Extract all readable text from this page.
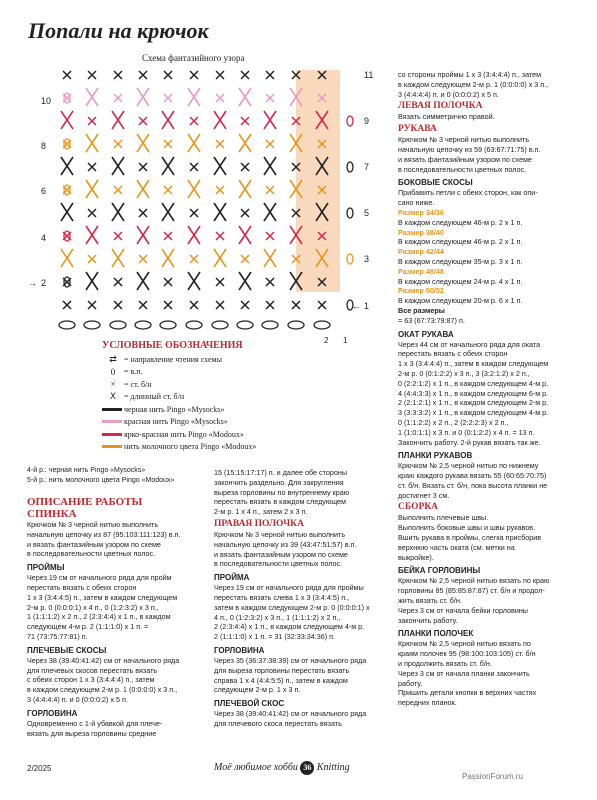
Попали на крючок
Схема фантазийного узора
10
8
6
4
2
11
9
7
5
3
1
←
→
2 1
УСЛОВНЫЕ ОБОЗНАЧЕНИЯ
⇄ = направление чтения схемы
0	= в.п.
×	= ст. б/н
Ⅹ = длинный ст. б/н
черная нить Pingo «Mysocks»
красная нить Pingo «Mysocks»
ярко-красная нить Pingo «Modoux»
нить молочного цвета Pingo «Modoux»
4-й р.: черная нить Pingo «Mysocks»
5-й р.: нить молочного цвета Pingo «Modoux»
ОПИСАНИЕ РАБОТЫ
СПИНКА
Крючком № 3 черной нитью выполнить
начальную цепочку из 87 (95:103:111:123) в.п.
и вязать фантазийным узором по схеме
в последовательности цветных полос.
ПРОЙМЫ
Через 19 см от начального ряда для пройм
перестать вязать с обеих сторон
1 х 3 (3:4:4:5) п., затем в каждом следующем
2-м р. 0 (0:0:0:1) х 4 п., 0 (1:2:3:2) х 3 п.,
1 (1:1:1:2) х 2 п., 2 (2:3:4:4) х 1 п., в каждом
следующем 4-м р. 2 (1:1:1:0) х 1 п. =
71 (73:75:77:81) п.
ПЛЕЧЕВЫЕ СКОСЫ
Через 38 (39:40:41:42) см от начального ряда
для плечевых скосов перестать вязать
с обеих сторон 1 х 3 (3:4:4:4) п., затем
в каждом следующем 2-м р. 1 (0:0:0:0) х 3 п.,
3 (4:4:4:4) п. и 0 (0:0:0:2) х 5 п.
ГОРЛОВИНА
Одновременно с 1-й убавкой для плече-
вязать для выреза горловины средние
15 (15:15:17:17) п. и далее обе стороны
закончить раздельно. Для закругления
выреза горловины по внутреннему краю
перестать вязать в каждом следующем
2-м р. 1 х 4 п., затем 2 х 3 п.
ПРАВАЯ ПОЛОЧКА
Крючком № 3 черной нитью выполнить
начальную цепочку из 39 (43:47:51:57) в.п.
и вязать фантазийным узором по схеме
в последовательности цветных полос.
ПРОЙМА
Через 19 см от начального ряда для проймы
перестать вязать слева 1 х 3 (3:4:4:5) п.,
затем в каждом следующем 2-м р. 0 (0:0:0:1) х
4 п., 0 (1:2:3:2) х 3 п., 1 (1:1:1:2) х 2 п.,
2 (2:3:4:4) х 1 п., в каждом следующем 4-м р.
2 (1:1:1:0) х 1 п. = 31 (32:33:34:36) п.
ГОРЛОВИНА
Через 35 (36:37:38:39) см от начального ряда
для выреза горловины перестать вязать
справа 1 х 4 (4:4:5:5) п., затем в каждом
следующем 2-м р. 1 х 3 п.
ПЛЕЧЕВОЙ СКОС
Через 38 (39:40:41:42) см от начального ряда
для плечевого скоса перестать вязать
со стороны проймы 1 х 3 (3:4:4:4) п., затем
в каждом следующем 2-м р. 1 (0:0:0:0) х 3 п.,
3 (4:4:4:4) п. и 0 (0:0:0:2) х 5 п.
ЛЕВАЯ ПОЛОЧКА
Вязать симметрично правой.
РУКАВА
Крючком № 3 черной нитью выполнить
начальную цепочку из 59 (63:67:71:75) в.п.
и вязать фантазийным узором по схеме
в последовательности цветных полос.
БОКОВЫЕ СКОСЫ
Прибавить петли с обеих сторон, как опи-
сано ниже.
Размер 34/36
В каждом следующем 46-м р. 2 х 1 п.
Размер 38/40
В каждом следующем 46-м р. 2 х 1 п.
Размер 42/44
В каждом следующем 35-м р. 3 х 1 п.
Размер 46/48
В каждом следующем 24-м р. 4 х 1 п.
Размер 50/52
В каждом следующем 20-м р. 6 х 1 п.
Все размеры
= 63 (67:73:79:87) п.
ОКАТ РУКАВА
Через 44 см от начального ряда для оката
перестать вязать с обеих сторон
1 х 3 (3:4:4:4) п., затем в каждом следующем
2-м р. 0 (0:1:2:2) х 3 п., 3 (3:2:1:2) х 2 п.,
0 (2:2:1:2) х 1 п., в каждом следующем 4-м р.
4 (4:4:3:3) х 1 п., в каждом следующем 6-м р.
2 (2:1:2:1) х 1 п., в каждом следующем 2-м р.
3 (3:3:3:2) х 1 п., в каждом следующем 4-м р.
0 (1:1:2:2) х 2 п., 2 (2:2:2:3) х 2 п.,
1 (1:0:1:1) х 3 п. и 0 (0:1:2:2) х 4 п. = 13 п.
Закончить работу. 2-й рукав вязать так же.
ПЛАНКИ РУКАВОВ
Крючком № 2,5 черной нитью по нижнему
краю каждого рукава вязать 55 (60:65:70:75)
ст. б/н. Вязать ст. б/н, пока высота планки не
достигнет 3 см.
СБОРКА
Выполнить плечевые швы.
Выполнить боковые швы и швы рукавов.
Вшить рукава в проймы, слегка присборив
верхнюю часть оката (см. метки на
выкройке).
БЕЙКА ГОРЛОВИНЫ
Крючком № 2,5 черной нитью вязать по краю
горловины 85 (85:85:87:87) ст. б/н и продол-
жить вязать ст. б/н.
Через 3 см от начала бейки горловины
закончить работу.
ПЛАНКИ ПОЛОЧЕК
Крючком № 2,5 черной нитью вязать по
краям полочек 95 (98:100:103:105) ст. б/н
и продолжить вязать ст. б/н.
Через 3 см от начала планки закончить
работу.
Пришить детали кнопки в верхних частях
передних планок.
2/2025	Моё любимое хобби 36 Knitting
PassionForum.ru
